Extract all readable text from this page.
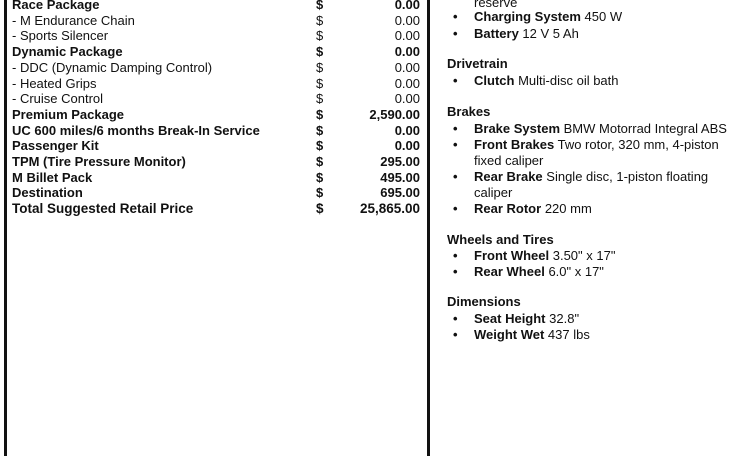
Race Package	$	0.00
- M Endurance Chain	$	0.00
- Sports Silencer	$	0.00
Dynamic Package	$	0.00
- DDC (Dynamic Damping Control)	$	0.00
- Heated Grips	$	0.00
- Cruise Control	$	0.00
Premium Package	$	2,590.00
UC 600 miles/6 months Break-In Service	$	0.00
Passenger Kit	$	0.00
TPM (Tire Pressure Monitor)	$	295.00
M Billet Pack	$	495.00
Destination	$	695.00
Total Suggested Retail Price	$	25,865.00
reserve
• Charging System 450 W
• Battery 12 V 5 Ah
Drivetrain
• Clutch Multi-disc oil bath
Brakes
• Brake System BMW Motorrad Integral ABS
• Front Brakes Two rotor, 320 mm, 4-piston fixed caliper
• Rear Brake Single disc, 1-piston floating caliper
• Rear Rotor 220 mm
Wheels and Tires
• Front Wheel 3.50" x 17"
• Rear Wheel 6.0" x 17"
Dimensions
• Seat Height 32.8"
• Weight Wet 437 lbs
